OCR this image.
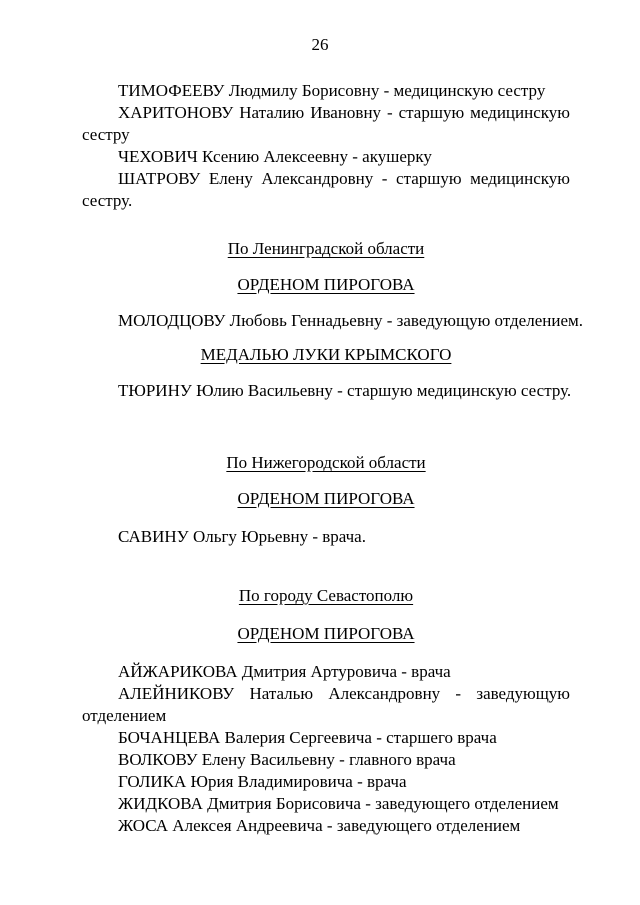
26

ТИМОФЕЕВУ Людмилу Борисовну - медицинскую сестру

ХАРИТОНОВУ Наталию Ивановну - старшую медицинскую сестру

ЧЕХОВИЧ Ксению Алексеевну - акушерку

ШАТРОВУ Елену Александровну - старшую медицинскую сестру.

По Ленинградской области

ОРДЕНОМ ПИРОГОВА

МОЛОДЦОВУ Любовь Геннадьевну - заведующую отделением.

МЕДАЛЬЮ ЛУКИ КРЫМСКОГО

ТЮРИНУ Юлию Васильевну - старшую медицинскую сестру.

По Нижегородской области

ОРДЕНОМ ПИРОГОВА

САВИНУ Ольгу Юрьевну - врача.

По городу Севастополю

ОРДЕНОМ ПИРОГОВА

АЙЖАРИКОВА Дмитрия Артуровича - врача

АЛЕЙНИКОВУ Наталью Александровну - заведующую отделением

БОЧАНЦЕВА Валерия Сергеевича - старшего врача

ВОЛКОВУ Елену Васильевну - главного врача

ГОЛИКА Юрия Владимировича - врача

ЖИДКОВА Дмитрия Борисовича - заведующего отделением

ЖОСА Алексея Андреевича - заведующего отделением
